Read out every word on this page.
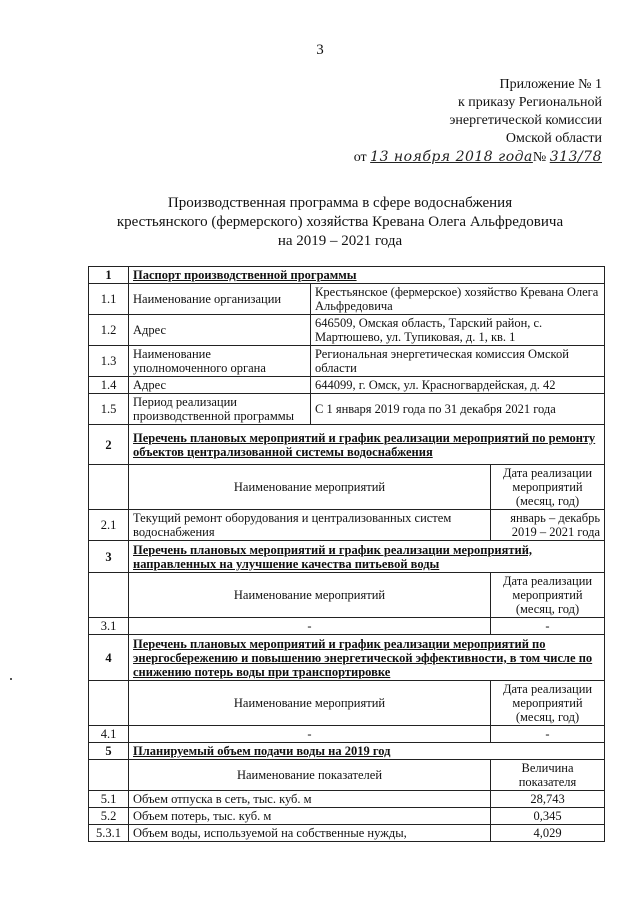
3
Приложение № 1
к приказу Региональной
энергетической комиссии
Омской области
от 13 ноября 2018 года№ 313/78
Производственная программа в сфере водоснабжения
крестьянского (фермерского) хозяйства Кревана Олега Альфредовича
на 2019 – 2021 года
1	Паспорт производственной программы		
1.1	Наименование организации	Крестьянское (фермерское) хозяйство Кревана Олега Альфредовича	
1.2	Адрес	646509, Омская область, Тарский район, с. Мартюшево, ул. Тупиковая, д. 1, кв. 1	
1.3	Наименование уполномоченного органа	Региональная энергетическая комиссия Омской области	
1.4	Адрес	644099, г. Омск, ул. Красногвардейская, д. 42	
1.5	Период реализации производственной программы	С 1 января 2019 года по 31 декабря 2021 года	
2	Перечень плановых мероприятий и график реализации мероприятий по ремонту объектов централизованной системы водоснабжения		
	Наименование мероприятий		Дата реализации мероприятий (месяц, год)
2.1	Текущий ремонт оборудования и централизованных систем водоснабжения		январь – декабрь 2019 – 2021 года
3	Перечень плановых мероприятий и график реализации мероприятий, направленных на улучшение качества питьевой воды		
	Наименование мероприятий		Дата реализации мероприятий (месяц, год)
3.1	-		-
4	Перечень плановых мероприятий и график реализации мероприятий по энергосбережению и повышению энергетической эффективности, в том числе по снижению потерь воды при транспортировке		
	Наименование мероприятий		Дата реализации мероприятий (месяц, год)
4.1	-		-
5	Планируемый объем подачи воды на 2019 год		
	Наименование показателей		Величина показателя
5.1	Объем отпуска в сеть, тыс. куб. м		28,743
5.2	Объем потерь, тыс. куб. м		0,345
5.3.1	Объем воды, используемой на собственные нужды,		4,029
